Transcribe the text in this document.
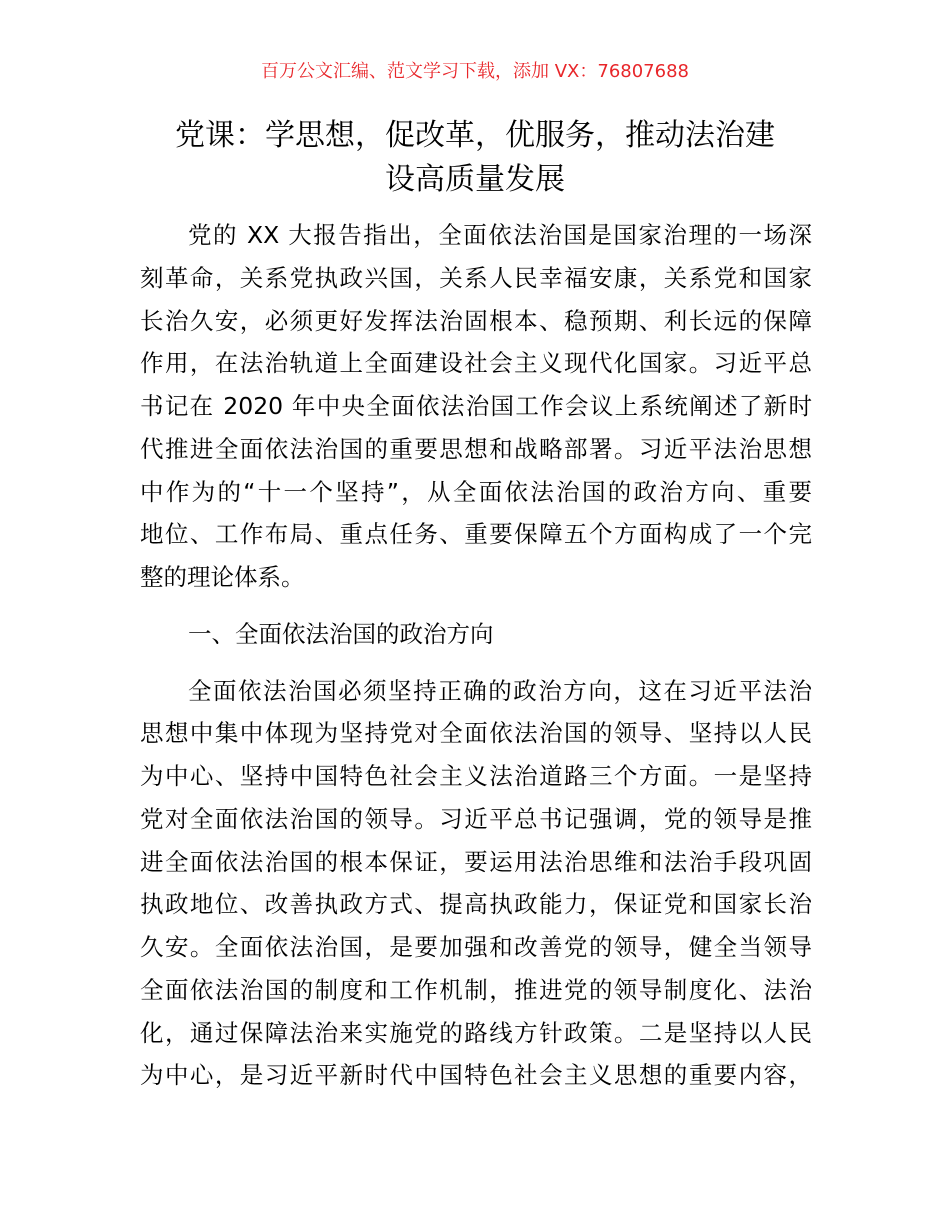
百万公文汇编、范文学习下载，添加 VX：76807688
党课：学思想，促改革，优服务，推动法治建
设高质量发展
党的 XX 大报告指出，全面依法治国是国家治理的一场深
刻革命，关系党执政兴国，关系人民幸福安康，关系党和国家
长治久安，必须更好发挥法治固根本、稳预期、利长远的保障
作用，在法治轨道上全面建设社会主义现代化国家。习近平总
书记在 2020 年中央全面依法治国工作会议上系统阐述了新时
代推进全面依法治国的重要思想和战略部署。习近平法治思想
中作为的“十一个坚持”，从全面依法治国的政治方向、重要
地位、工作布局、重点任务、重要保障五个方面构成了一个完
整的理论体系。
一、全面依法治国的政治方向
全面依法治国必须坚持正确的政治方向，这在习近平法治
思想中集中体现为坚持党对全面依法治国的领导、坚持以人民
为中心、坚持中国特色社会主义法治道路三个方面。一是坚持
党对全面依法治国的领导。习近平总书记强调，党的领导是推
进全面依法治国的根本保证，要运用法治思维和法治手段巩固
执政地位、改善执政方式、提高执政能力，保证党和国家长治
久安。全面依法治国，是要加强和改善党的领导，健全当领导
全面依法治国的制度和工作机制，推进党的领导制度化、法治
化，通过保障法治来实施党的路线方针政策。二是坚持以人民
为中心，是习近平新时代中国特色社会主义思想的重要内容，
